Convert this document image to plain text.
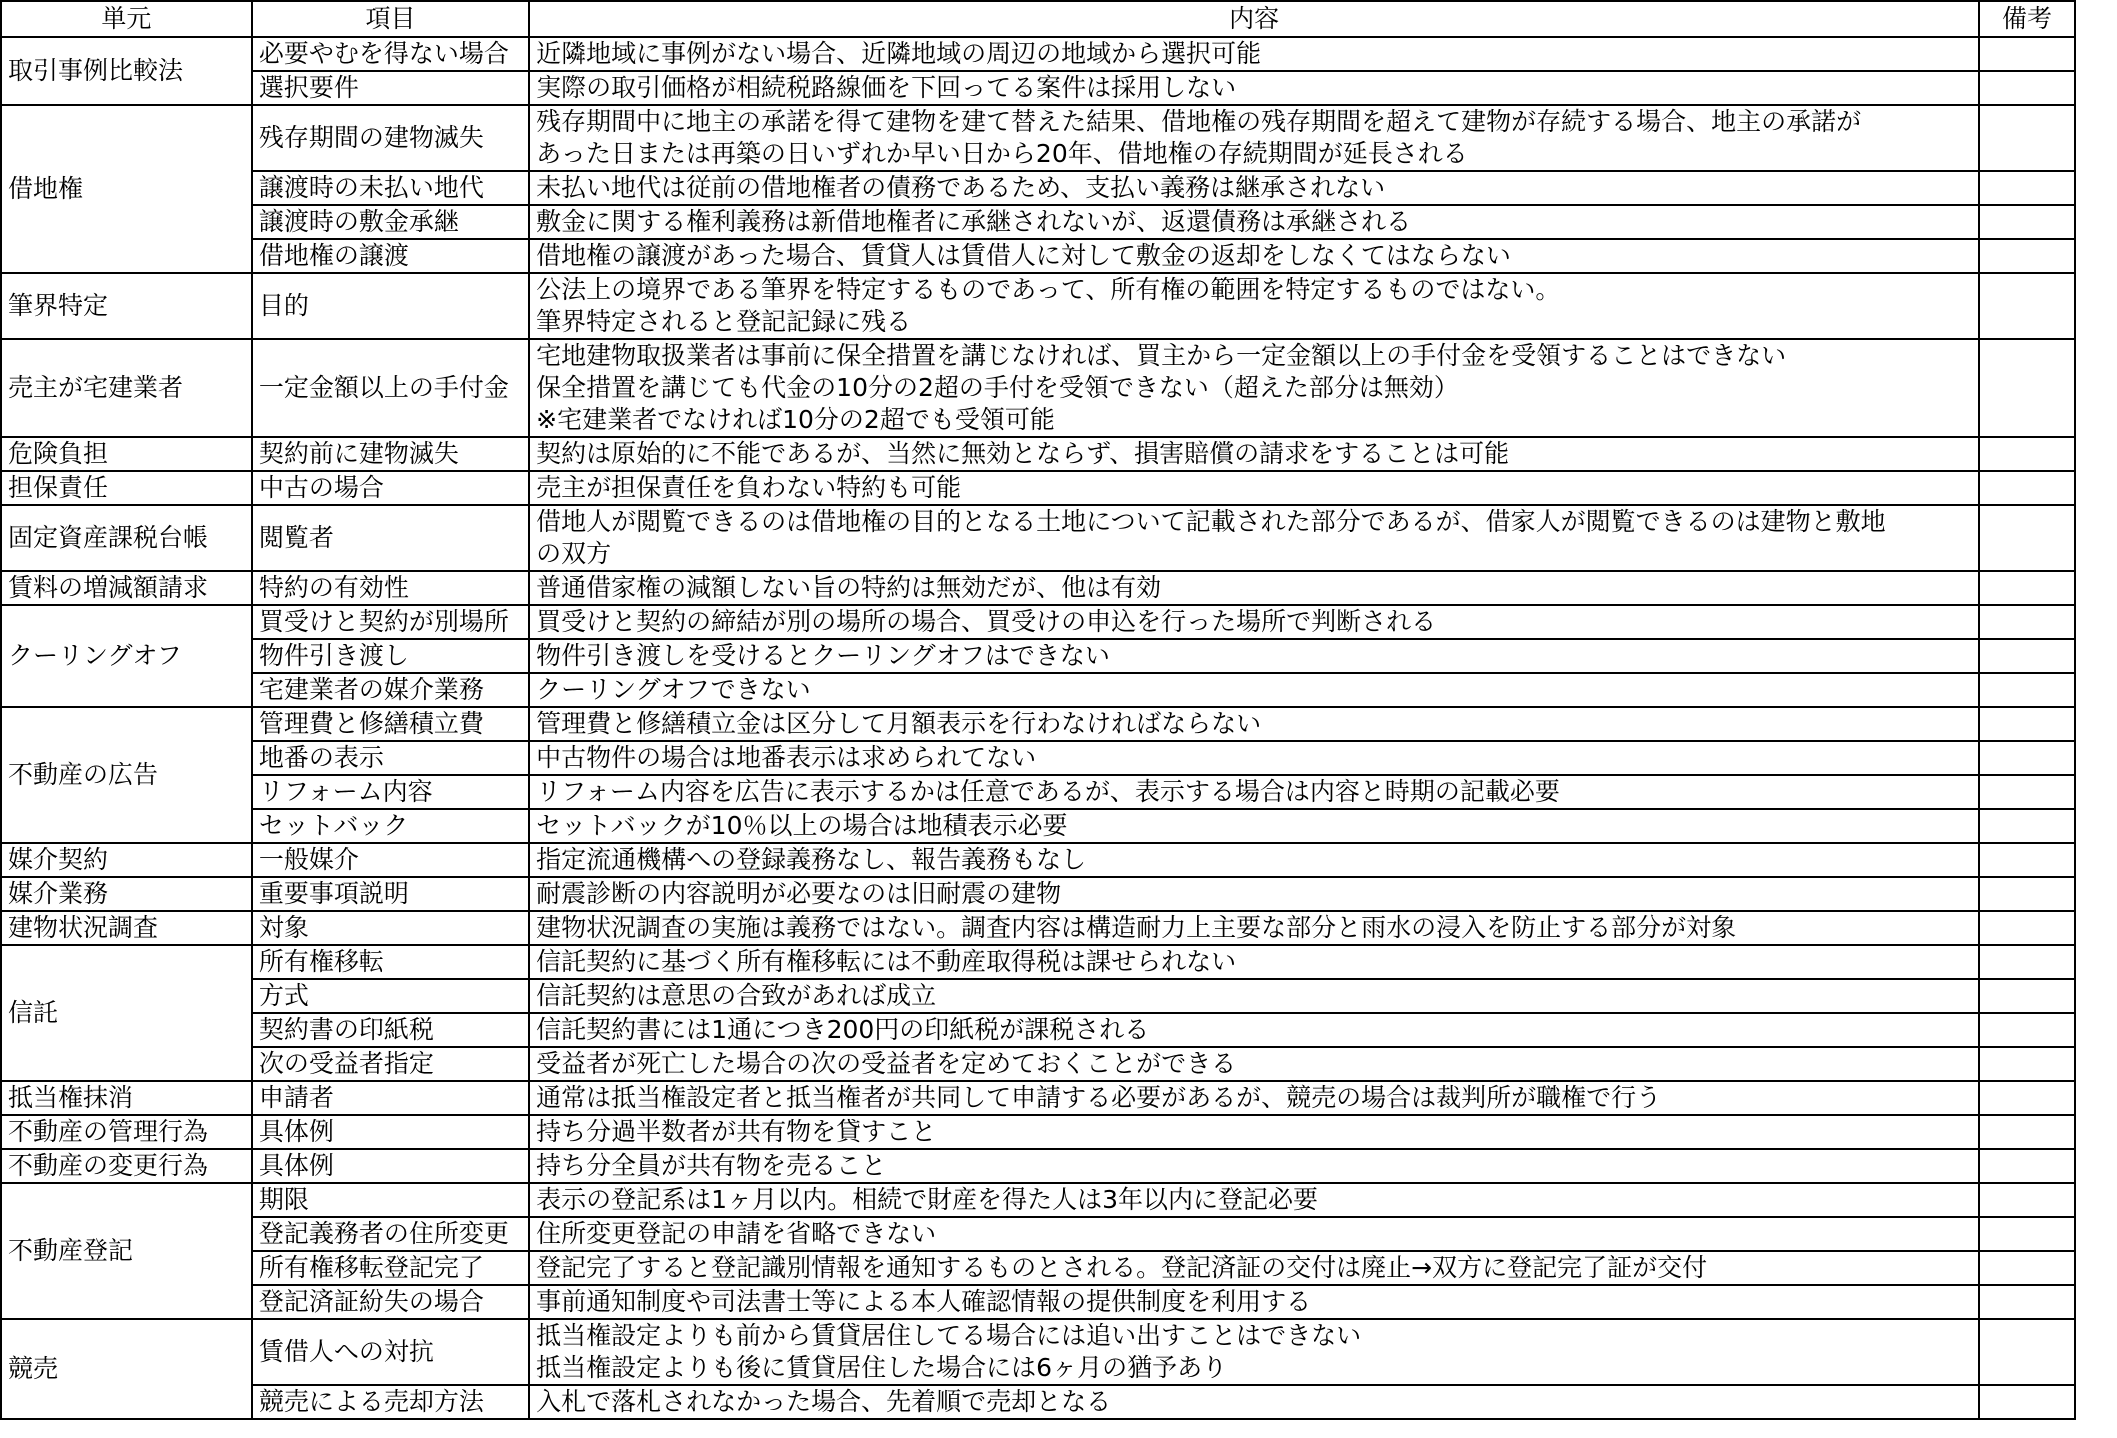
単元	項目	内容	備考
取引事例比較法	必要やむを得ない場合	近隣地域に事例がない場合、近隣地域の周辺の地域から選択可能	

	選択要件	実際の取引価格が相続税路線価を下回ってる案件は採用しない	

借地権	残存期間の建物滅失	残存期間中に地主の承諾を得て建物を建て替えた結果、借地権の残存期間を超えて建物が存続する場合、地主の承諾が
あった日または再築の日いずれか早い日から20年、借地権の存続期間が延長される	

	譲渡時の未払い地代	未払い地代は従前の借地権者の債務であるため、支払い義務は継承されない	

	譲渡時の敷金承継	敷金に関する権利義務は新借地権者に承継されないが、返還債務は承継される	

	借地権の譲渡	借地権の譲渡があった場合、賃貸人は賃借人に対して敷金の返却をしなくてはならない	

筆界特定	目的	公法上の境界である筆界を特定するものであって、所有権の範囲を特定するものではない。
筆界特定されると登記記録に残る	

売主が宅建業者	一定金額以上の手付金	宅地建物取扱業者は事前に保全措置を講じなければ、買主から一定金額以上の手付金を受領することはできない
保全措置を講じても代金の10分の2超の手付を受領できない（超えた部分は無効）
※宅建業者でなければ10分の2超でも受領可能	

危険負担	契約前に建物滅失	契約は原始的に不能であるが、当然に無効とならず、損害賠償の請求をすることは可能	

担保責任	中古の場合	売主が担保責任を負わない特約も可能	

固定資産課税台帳	閲覧者	借地人が閲覧できるのは借地権の目的となる土地について記載された部分であるが、借家人が閲覧できるのは建物と敷地
の双方	

賃料の増減額請求	特約の有効性	普通借家権の減額しない旨の特約は無効だが、他は有効	

クーリングオフ	買受けと契約が別場所	買受けと契約の締結が別の場所の場合、買受けの申込を行った場所で判断される	

	物件引き渡し	物件引き渡しを受けるとクーリングオフはできない	

	宅建業者の媒介業務	クーリングオフできない	

不動産の広告	管理費と修繕積立費	管理費と修繕積立金は区分して月額表示を行わなければならない	

	地番の表示	中古物件の場合は地番表示は求められてない	

	リフォーム内容	リフォーム内容を広告に表示するかは任意であるが、表示する場合は内容と時期の記載必要	

	セットバック	セットバックが10％以上の場合は地積表示必要	

媒介契約	一般媒介	指定流通機構への登録義務なし、報告義務もなし	

媒介業務	重要事項説明	耐震診断の内容説明が必要なのは旧耐震の建物	

建物状況調査	対象	建物状況調査の実施は義務ではない。調査内容は構造耐力上主要な部分と雨水の浸入を防止する部分が対象	

信託	所有権移転	信託契約に基づく所有権移転には不動産取得税は課せられない	

	方式	信託契約は意思の合致があれば成立	

	契約書の印紙税	信託契約書には1通につき200円の印紙税が課税される	

	次の受益者指定	受益者が死亡した場合の次の受益者を定めておくことができる	

抵当権抹消	申請者	通常は抵当権設定者と抵当権者が共同して申請する必要があるが、競売の場合は裁判所が職権で行う	

不動産の管理行為	具体例	持ち分過半数者が共有物を貸すこと	

不動産の変更行為	具体例	持ち分全員が共有物を売ること	

不動産登記	期限	表示の登記系は1ヶ月以内。相続で財産を得た人は3年以内に登記必要	

	登記義務者の住所変更	住所変更登記の申請を省略できない	

	所有権移転登記完了	登記完了すると登記識別情報を通知するものとされる。登記済証の交付は廃止→双方に登記完了証が交付	

	登記済証紛失の場合	事前通知制度や司法書士等による本人確認情報の提供制度を利用する	

競売	賃借人への対抗	抵当権設定よりも前から賃貸居住してる場合には追い出すことはできない
抵当権設定よりも後に賃貸居住した場合には6ヶ月の猶予あり	

	競売による売却方法	入札で落札されなかった場合、先着順で売却となる	
